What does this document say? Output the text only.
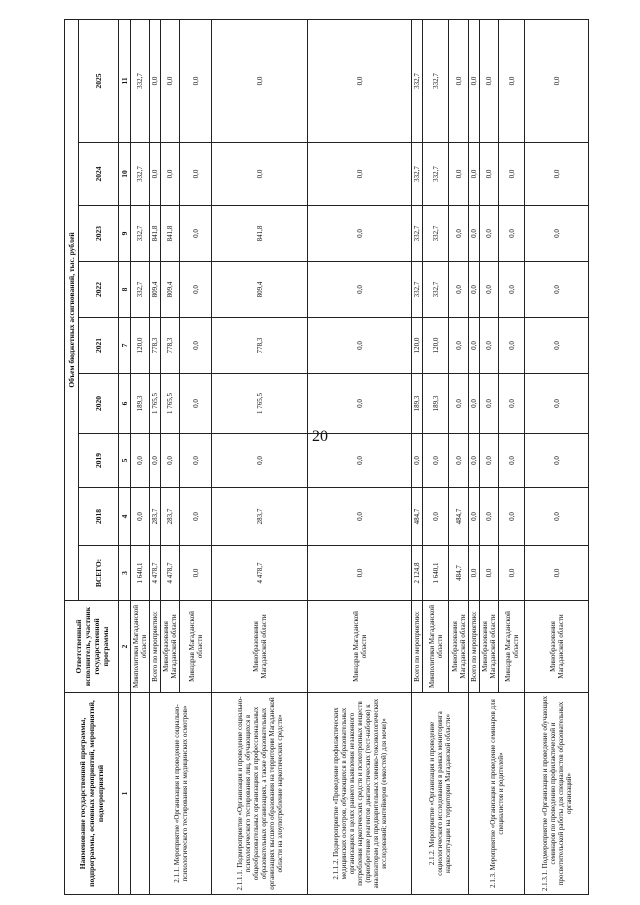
20
Наименование государственной программы, подпрограммы, основных мероприятий, мероприятий, подмероприятий	Ответственный исполнитель, участник государственной программы	Объем бюджетных ассигнований, тыс. рублей								
		ВСЕГО:	2018	2019	2020	2021	2022	2023	2024	2025
1	2	3	4	5	6	7	8	9	10	11
	Минполитики Магаданской области	1 640,1	0,0	0,0	189,3	120,0	332,7	332,7	332,7	332,7
2.1.1. Мероприятие «Организация и проведение социально-психологического тестирования и медицинских осмотров»	Всего по мероприятию:	4 478,7	283,7	0,0	1 765,5	778,3	809,4	841,8	0,0	0,0
	Минобразования Магаданской области	4 478,7	283,7	0,0	1 765,5	778,3	809,4	841,8	0,0	0,0
	Минздрав Магаданской области	0,0	0,0	0,0	0,0	0,0	0,0	0,0	0,0	0,0
2.1.1.1. Подмероприятие «Организация и проведение социально-психологического тестирования лиц, обучающихся в общеобразовательных организациях и профессиональных образовательных организациях, а также образовательных организациях высшего образования на территории Магаданской области на злоупотребление наркотических средств»	Минобразования Магаданской области	4 478,7	283,7	0,0	1 765,5	778,3	809,4	841,8	0,0	0,0
2.1.1.2. Подмероприятие «Проведение профилактических медицинских осмотров, обучающихся в образовательных организациях в целях раннего выявления незаконного потребления наркотических средств и психотропных веществ (приобретение реагентов диагностических (тест-наборов) к анализаторам для предварительных химико-токсикологических исследований; контейнеров (емкостей) для мочи)»	Минздрав Магаданской области	0,0	0,0	0,0	0,0	0,0	0,0	0,0	0,0	0,0
2.1.2. Мероприятие «Организация и проведение социологического исследования в рамках мониторинга наркоситуации на территории Магаданской области»	Всего по мероприятию:	2 124,8	484,7	0,0	189,3	120,0	332,7	332,7	332,7	332,7
	Минполитики Магаданской области	1 640,1	0,0	0,0	189,3	120,0	332,7	332,7	332,7	332,7
	Минобразования Магаданской области	484,7	484,7	0,0	0,0	0,0	0,0	0,0	0,0	0,0
2.1.3. Мероприятие «Организация и проведение семинаров для специалистов и родителей»	Всего по мероприятию:	0,0	0,0	0,0	0,0	0,0	0,0	0,0	0,0	0,0
	Минобразования Магаданской области	0,0	0,0	0,0	0,0	0,0	0,0	0,0	0,0	0,0
	Минздрав Магаданской области	0,0	0,0	0,0	0,0	0,0	0,0	0,0	0,0	0,0
2.1.3.1. Подмероприятие «Организация и проведение обучающих семинаров по проведению профилактической и просветительской работы для специалистов образовательных организаций»	Минобразования Магаданской области	0,0	0,0	0,0	0,0	0,0	0,0	0,0	0,0	0,0
